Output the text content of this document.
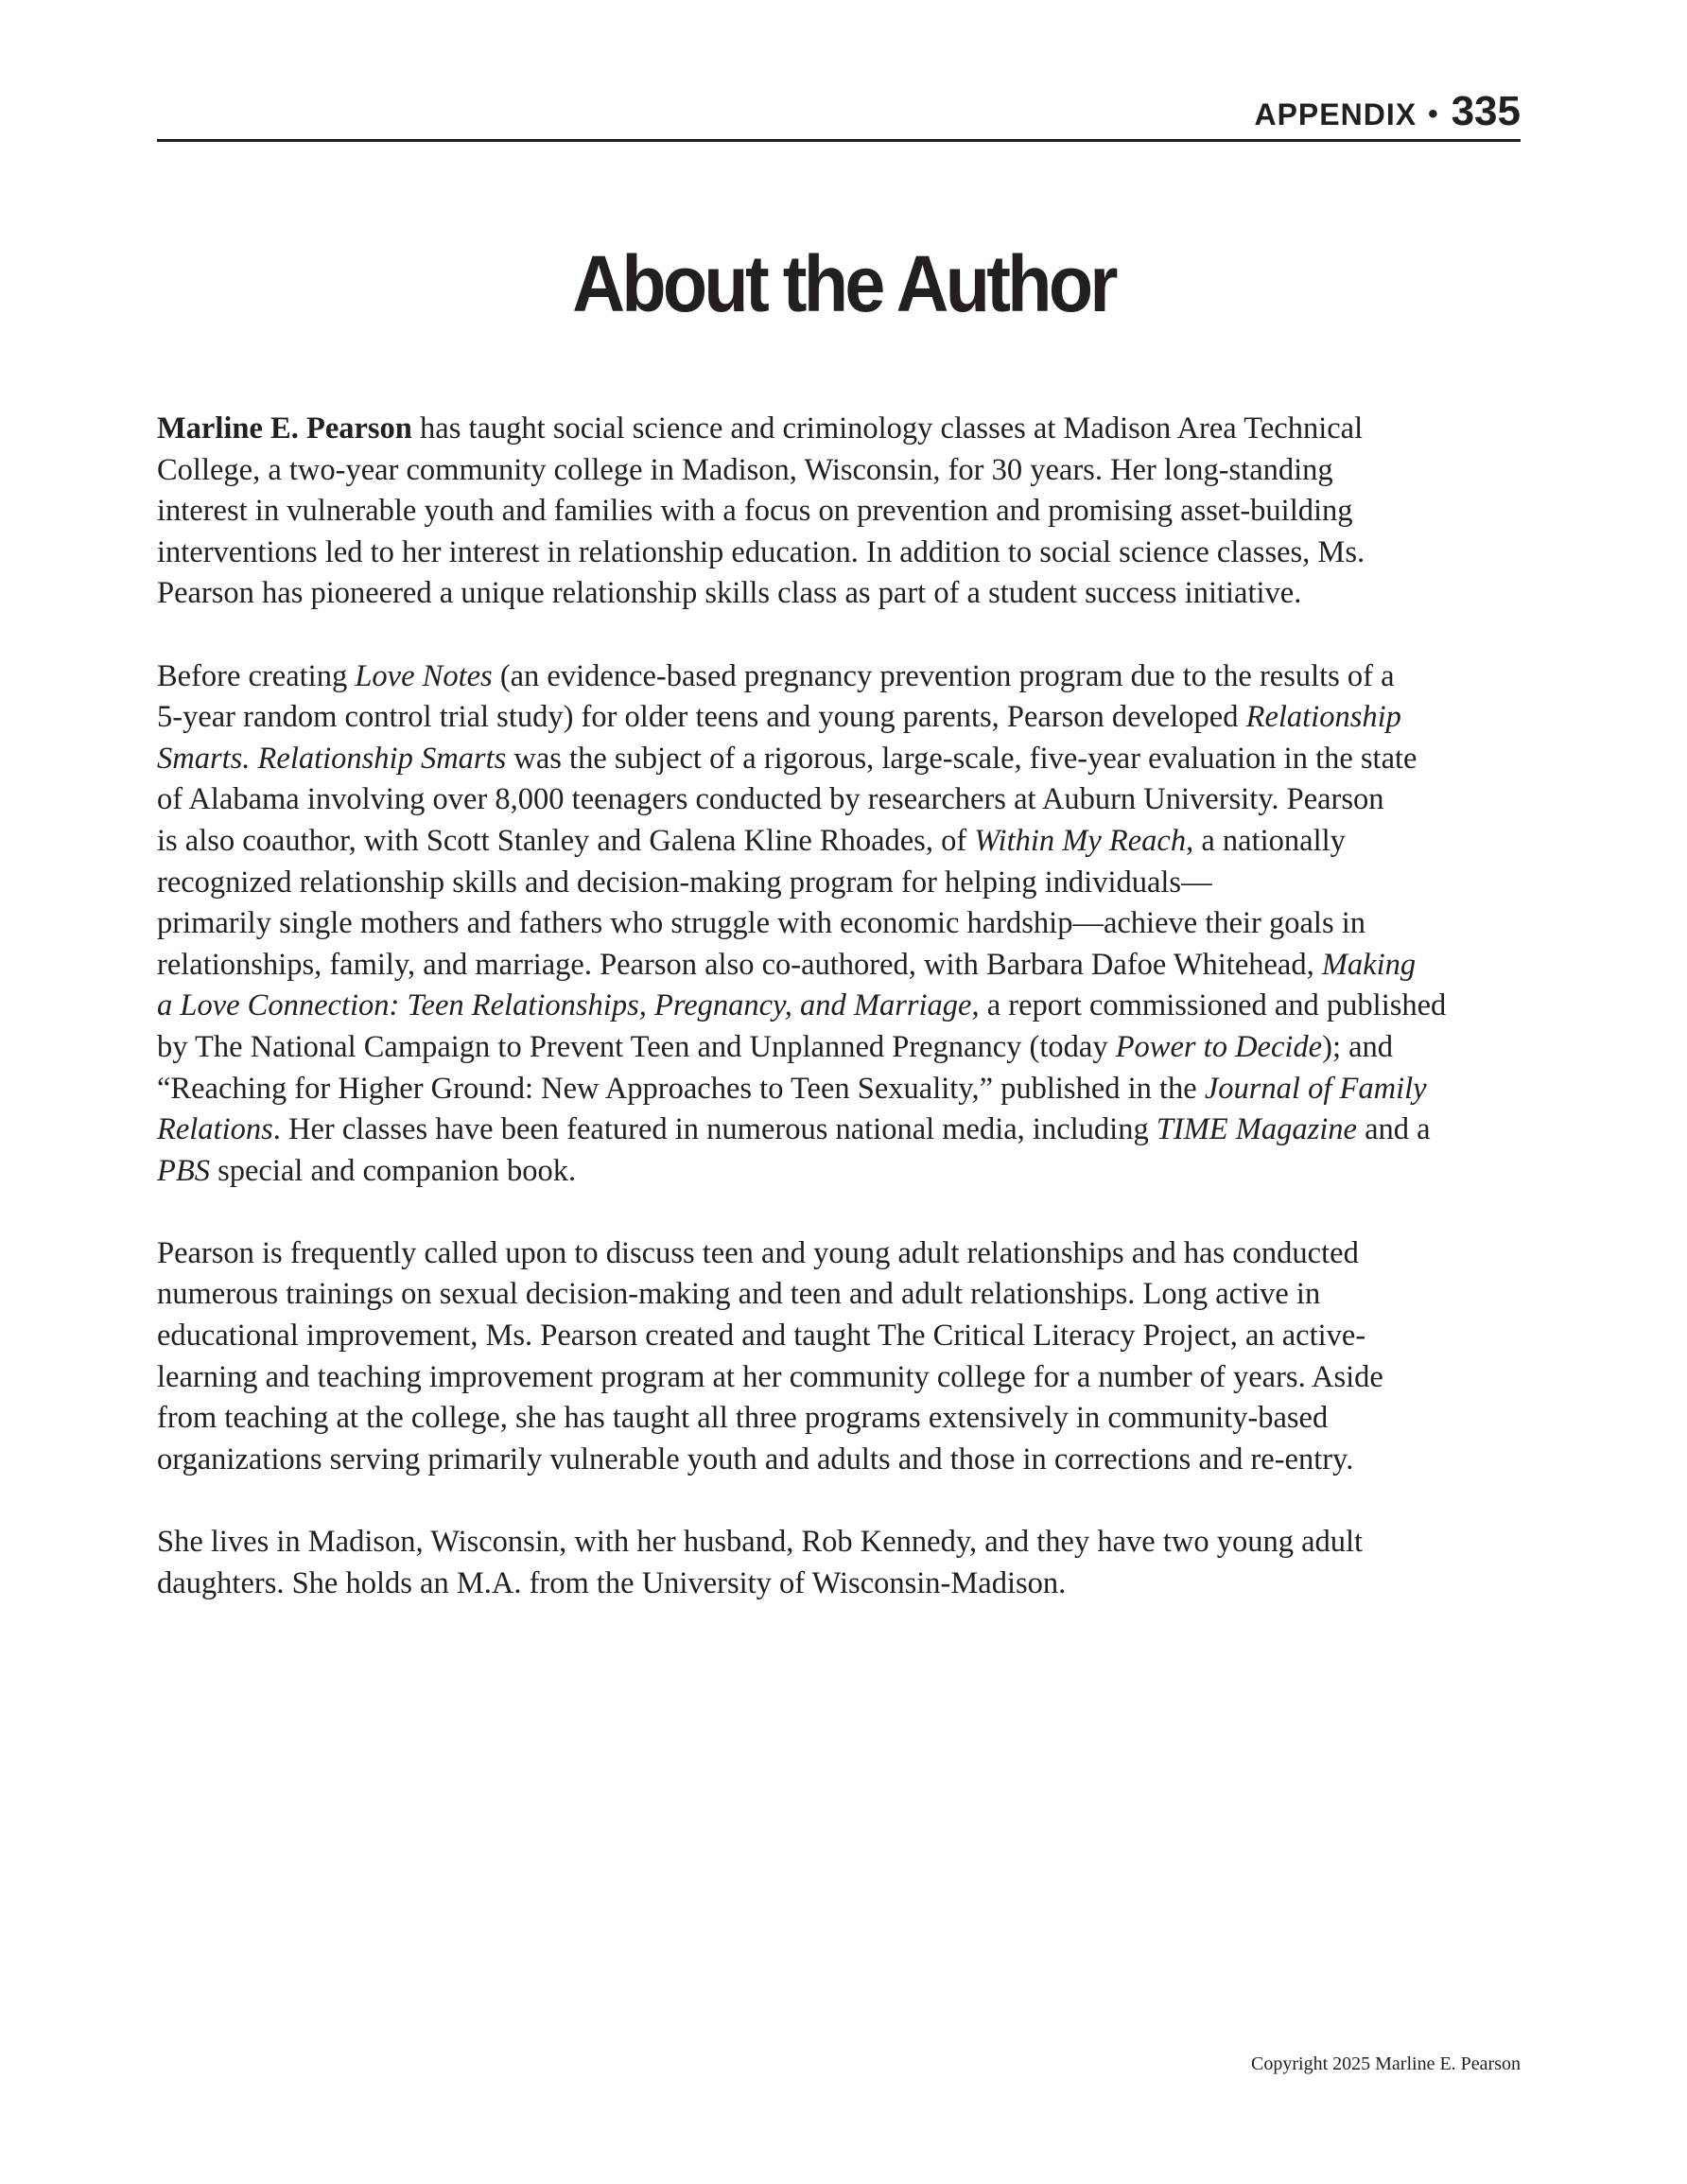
APPENDIX • 335
About the Author

Marline E. Pearson has taught social science and criminology classes at Madison Area Technical
College, a two-year community college in Madison, Wisconsin, for 30 years. Her long-standing
interest in vulnerable youth and families with a focus on prevention and promising asset-building
interventions led to her interest in relationship education. In addition to social science classes, Ms.
Pearson has pioneered a unique relationship skills class as part of a student success initiative.

Before creating Love Notes (an evidence-based pregnancy prevention program due to the results of a
5-year random control trial study) for older teens and young parents, Pearson developed Relationship
Smarts. Relationship Smarts was the subject of a rigorous, large-scale, five-year evaluation in the state
of Alabama involving over 8,000 teenagers conducted by researchers at Auburn University. Pearson
is also coauthor, with Scott Stanley and Galena Kline Rhoades, of Within My Reach, a nationally
recognized relationship skills and decision-making program for helping individuals—
primarily single mothers and fathers who struggle with economic hardship—achieve their goals in
relationships, family, and marriage. Pearson also co-authored, with Barbara Dafoe Whitehead, Making
a Love Connection: Teen Relationships, Pregnancy, and Marriage, a report commissioned and published
by The National Campaign to Prevent Teen and Unplanned Pregnancy (today Power to Decide); and
“Reaching for Higher Ground: New Approaches to Teen Sexuality,” published in the Journal of Family
Relations. Her classes have been featured in numerous national media, including TIME Magazine and a
PBS special and companion book.

Pearson is frequently called upon to discuss teen and young adult relationships and has conducted
numerous trainings on sexual decision-making and teen and adult relationships. Long active in
educational improvement, Ms. Pearson created and taught The Critical Literacy Project, an active-
learning and teaching improvement program at her community college for a number of years. Aside
from teaching at the college, she has taught all three programs extensively in community-based
organizations serving primarily vulnerable youth and adults and those in corrections and re-entry.

She lives in Madison, Wisconsin, with her husband, Rob Kennedy, and they have two young adult
daughters. She holds an M.A. from the University of Wisconsin-Madison.

Copyright 2025 Marline E. Pearson
